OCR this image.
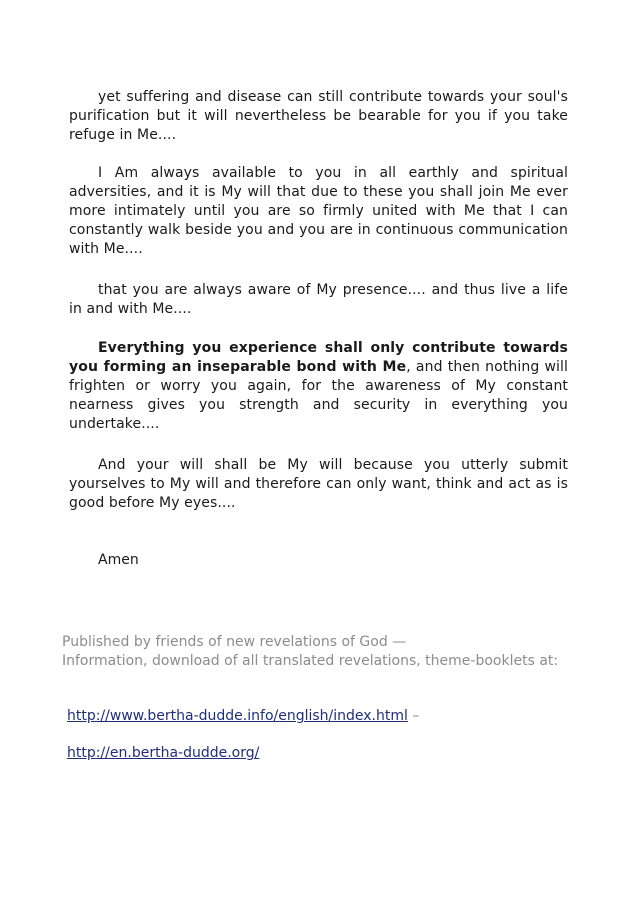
yet suffering and disease can still contribute towards your soul's purification but it will nevertheless be bearable for you if you take refuge in Me....

I Am always available to you in all earthly and spiritual adversities, and it is My will that due to these you shall join Me ever more intimately until you are so firmly united with Me that I can constantly walk beside you and you are in continuous communication with Me....

that you are always aware of My presence.... and thus live a life in and with Me....

Everything you experience shall only contribute towards you forming an inseparable bond with Me, and then nothing will frighten or worry you again, for the awareness of My constant nearness gives you strength and security in everything you undertake....

And your will shall be My will because you utterly submit yourselves to My will and therefore can only want, think and act as is good before My eyes....

Amen

Published by friends of new revelations of God —
Information, download of all translated revelations, theme-booklets at:

http://www.bertha-dudde.info/english/index.html –

http://en.bertha-dudde.org/
